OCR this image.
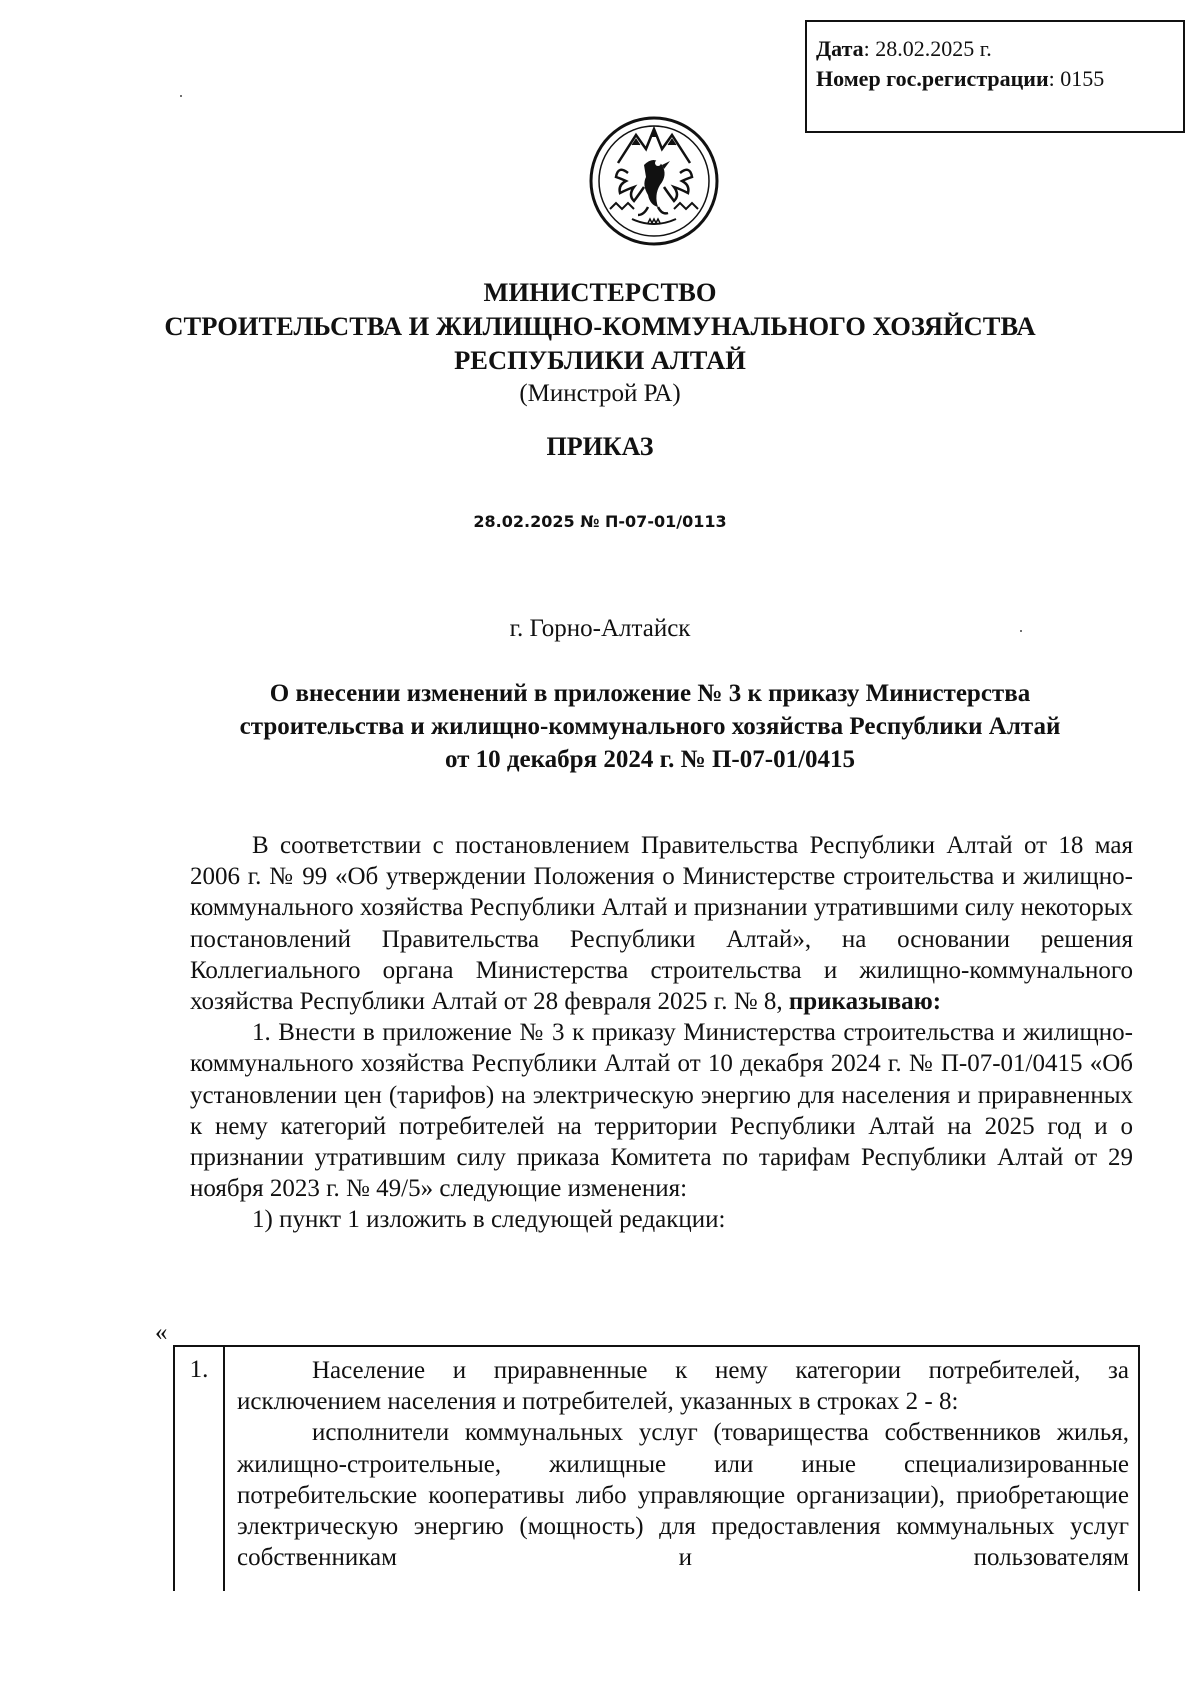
Дата: 28.02.2025 г.
Номер гос.регистрации: 0155
МИНИСТЕРСТВО
СТРОИТЕЛЬСТВА И ЖИЛИЩНО-КОММУНАЛЬНОГО ХОЗЯЙСТВА
РЕСПУБЛИКИ АЛТАЙ
(Минстрой РА)
ПРИКАЗ
28.02.2025 № П-07-01/0113
г. Горно-Алтайск
О внесении изменений в приложение № 3 к приказу Министерства
строительства и жилищно-коммунального хозяйства Республики Алтай
от 10 декабря 2024 г. № П-07-01/0415

В соответствии с постановлением Правительства Республики Алтай от 18 мая 2006 г. № 99 «Об утверждении Положения о Министерстве строительства и жилищно-коммунального хозяйства Республики Алтай и признании утратившими силу некоторых постановлений Правительства Республики Алтай», на основании решения Коллегиального органа Министерства строительства и жилищно-коммунального хозяйства Республики Алтай от 28 февраля 2025 г. № 8, приказываю:

1. Внести в приложение № 3 к приказу Министерства строительства и жилищно-коммунального хозяйства Республики Алтай от 10 декабря 2024 г. № П-07-01/0415 «Об установлении цен (тарифов) на электрическую энергию для населения и приравненных к нему категорий потребителей на территории Республики Алтай на 2025 год и о признании утратившим силу приказа Комитета по тарифам Республики Алтай от 29 ноября 2023 г. № 49/5» следующие изменения:

1) пункт 1 изложить в следующей редакции:

«
1.	Население и приравненные к нему категории потребителей, за исключением населения и потребителей, указанных в строках 2 - 8:

исполнители коммунальных услуг (товарищества собственников жилья, жилищно-строительные, жилищные или иные специализированные потребительские кооперативы либо управляющие организации), приобретающие электрическую энергию (мощность) для предоставления коммунальных услуг собственникам и пользователям
